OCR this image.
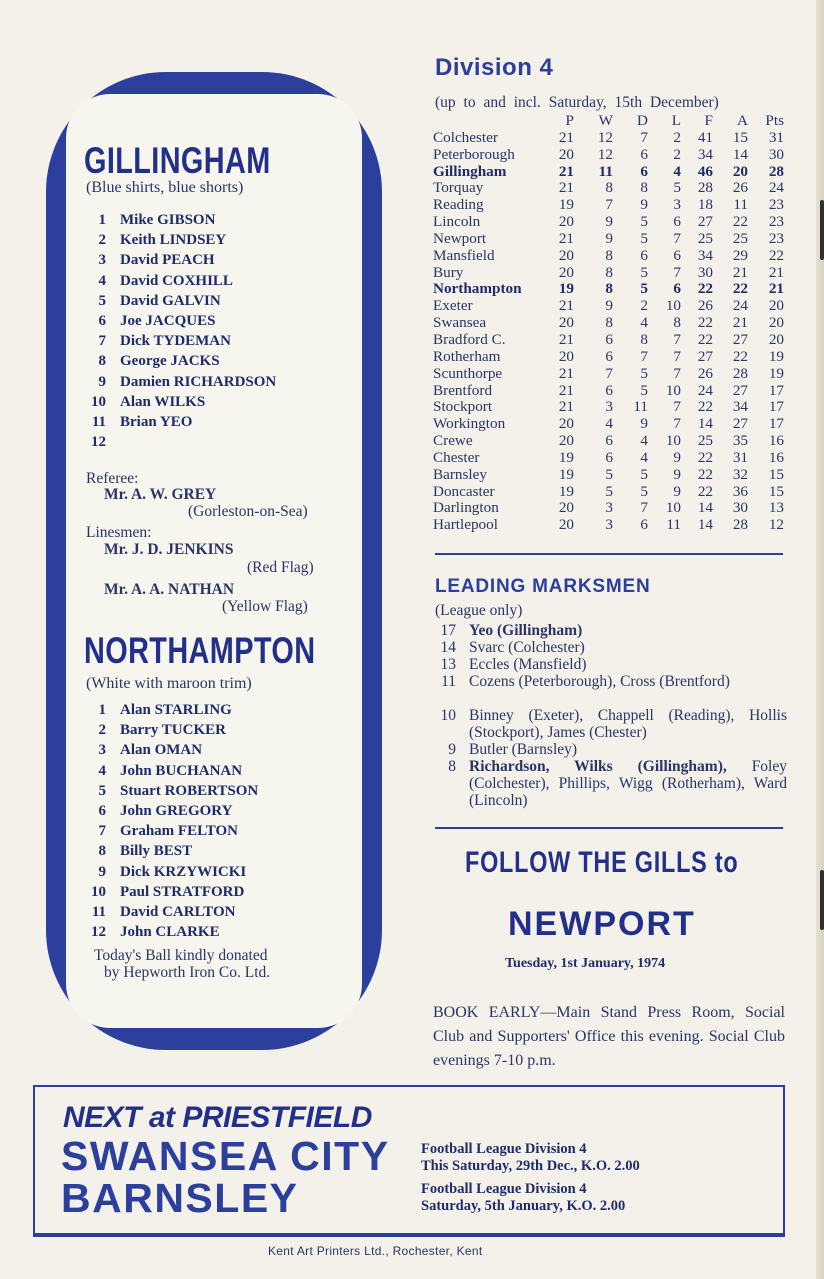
GILLINGHAM
(Blue shirts, blue shorts)
1 Mike GIBSON
2 Keith LINDSEY
3 David PEACH
4 David COXHILL
5 David GALVIN
6 Joe JACQUES
7 Dick TYDEMAN
8 George JACKS
9 Damien RICHARDSON
10 Alan WILKS
11 Brian YEO
12
Referee:
Mr. A. W. GREY
(Gorleston-on-Sea)
Linesmen:
Mr. J. D. JENKINS
(Red Flag)
Mr. A. A. NATHAN
(Yellow Flag)
NORTHAMPTON
(White with maroon trim)
1 Alan STARLING
2 Barry TUCKER
3 Alan OMAN
4 John BUCHANAN
5 Stuart ROBERTSON
6 John GREGORY
7 Graham FELTON
8 Billy BEST
9 Dick KRZYWICKI
10 Paul STRATFORD
11 David CARLTON
12 John CLARKE
Today's Ball kindly donated
by Hepworth Iron Co. Ltd.
Division 4
(up to and incl. Saturday, 15th December)
	P	W	D	L	F	A	Pts
Colchester	21	12	7	2	41	15	31
Peterborough	20	12	6	2	34	14	30
Gillingham	21	11	6	4	46	20	28
Torquay	21	8	8	5	28	26	24
Reading	19	7	9	3	18	11	23
Lincoln	20	9	5	6	27	22	23
Newport	21	9	5	7	25	25	23
Mansfield	20	8	6	6	34	29	22
Bury	20	8	5	7	30	21	21
Northampton	19	8	5	6	22	22	21
Exeter	21	9	2	10	26	24	20
Swansea	20	8	4	8	22	21	20
Bradford C.	21	6	8	7	22	27	20
Rotherham	20	6	7	7	27	22	19
Scunthorpe	21	7	5	7	26	28	19
Brentford	21	6	5	10	24	27	17
Stockport	21	3	11	7	22	34	17
Workington	20	4	9	7	14	27	17
Crewe	20	6	4	10	25	35	16
Chester	19	6	4	9	22	31	16
Barnsley	19	5	5	9	22	32	15
Doncaster	19	5	5	9	22	36	15
Darlington	20	3	7	10	14	30	13
Hartlepool	20	3	6	11	14	28	12
LEADING MARKSMEN
(League only)
17 Yeo (Gillingham)
14 Svarc (Colchester)
13 Eccles (Mansfield)
11 Cozens (Peterborough), Cross (Brentford)
10 Binney (Exeter), Chappell (Reading), Hollis (Stockport), James (Chester)
9 Butler (Barnsley)
8 Richardson, Wilks (Gillingham), Foley (Colchester), Phillips, Wigg (Rotherham), Ward (Lincoln)
FOLLOW THE GILLS to
NEWPORT
Tuesday, 1st January, 1974
BOOK EARLY—Main Stand Press Room, Social Club and Supporters' Office this evening. Social Club evenings 7-10 p.m.
NEXT at PRIESTFIELD
SWANSEA CITY
BARNSLEY
Football League Division 4
This Saturday, 29th Dec., K.O. 2.00
Football League Division 4
Saturday, 5th January, K.O. 2.00
Kent Art Printers Ltd., Rochester, Kent
